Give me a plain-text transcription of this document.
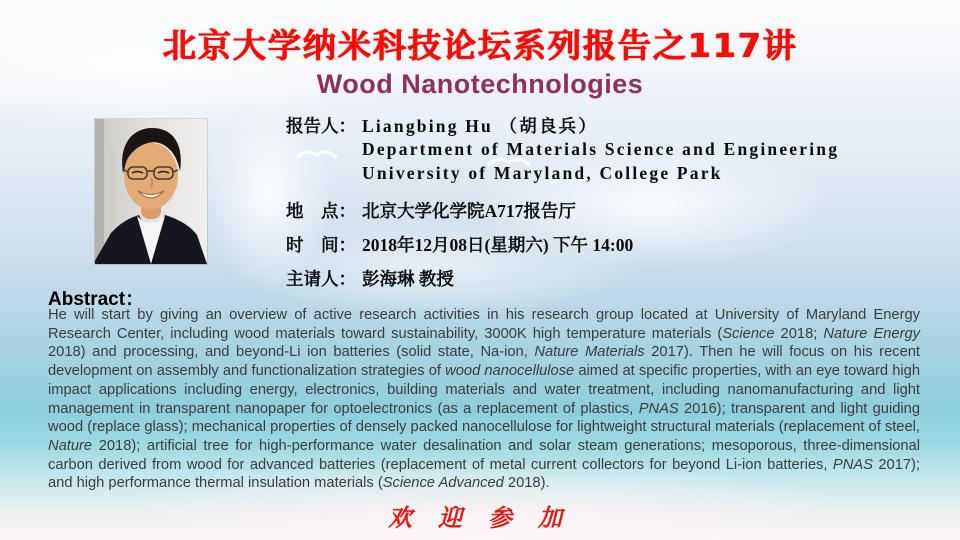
北京大学纳米科技论坛系列报告之117讲
Wood Nanotechnologies
报告人： Liangbing Hu （胡良兵）
Department of Materials Science and Engineering
University of Maryland, College Park
地　点： 北京大学化学院A717报告厅
时　间： 2018年12月08日(星期六) 下午 14:00
主请人： 彭海琳 教授
Abstract：
He will start by giving an overview of active research activities in his research group located at University of Maryland Energy Research Center, including wood materials toward sustainability, 3000K high temperature materials (Science 2018; Nature Energy 2018) and processing, and beyond-Li ion batteries (solid state, Na-ion, Nature Materials 2017). Then he will focus on his recent development on assembly and functionalization strategies of wood nanocellulose aimed at specific properties, with an eye toward high impact applications including energy, electronics, building materials and water treatment, including nanomanufacturing and light management in transparent nanopaper for optoelectronics (as a replacement of plastics, PNAS 2016); transparent and light guiding wood (replace glass); mechanical properties of densely packed nanocellulose for lightweight structural materials (replacement of steel, Nature 2018); artificial tree for high-performance water desalination and solar steam generations; mesoporous, three-dimensional carbon derived from wood for advanced batteries (replacement of metal current collectors for beyond Li-ion batteries, PNAS 2017); and high performance thermal insulation materials (Science Advanced 2018).
欢 迎 参 加
